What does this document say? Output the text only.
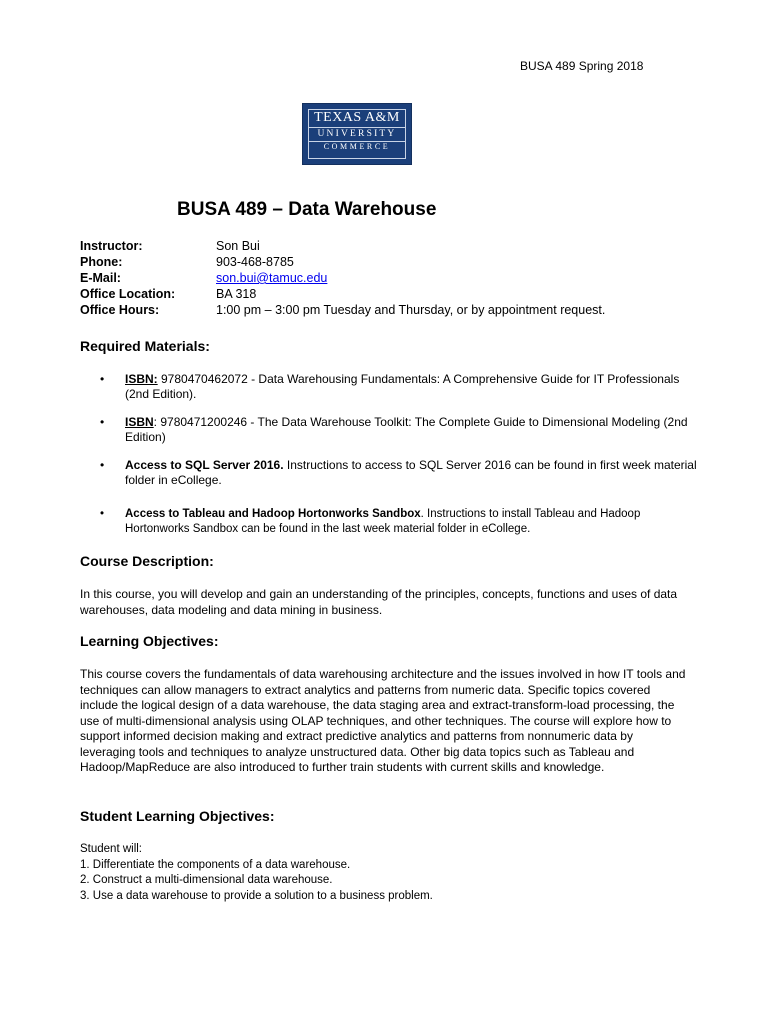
BUSA 489 Spring 2018
TEXAS A&M
UNIVERSITY
COMMERCE
BUSA 489 – Data Warehouse
Instructor:	Son Bui
Phone:	903-468-8785
E-Mail:	son.bui@tamuc.edu
Office Location:	BA 318
Office Hours:	1:00 pm – 3:00 pm Tuesday and Thursday, or by appointment request.
Required Materials:
• ISBN: 9780470462072 - Data Warehousing Fundamentals: A Comprehensive Guide for IT Professionals (2nd Edition).
• ISBN: 9780471200246 - The Data Warehouse Toolkit: The Complete Guide to Dimensional Modeling (2nd Edition)
• Access to SQL Server 2016. Instructions to access to SQL Server 2016 can be found in first week material folder in eCollege.
• Access to Tableau and Hadoop Hortonworks Sandbox. Instructions to install Tableau and Hadoop Hortonworks Sandbox can be found in the last week material folder in eCollege.
Course Description:
In this course, you will develop and gain an understanding of the principles, concepts, functions and uses of data warehouses, data modeling and data mining in business.
Learning Objectives:
This course covers the fundamentals of data warehousing architecture and the issues involved in how IT tools and techniques can allow managers to extract analytics and patterns from numeric data. Specific topics covered include the logical design of a data warehouse, the data staging area and extract-transform-load processing, the use of multi-dimensional analysis using OLAP techniques, and other techniques. The course will explore how to support informed decision making and extract predictive analytics and patterns from nonnumeric data by leveraging tools and techniques to analyze unstructured data. Other big data topics such as Tableau and Hadoop/MapReduce are also introduced to further train students with current skills and knowledge.
Student Learning Objectives:
Student will:
1. Differentiate the components of a data warehouse.
2. Construct a multi-dimensional data warehouse.
3. Use a data warehouse to provide a solution to a business problem.
